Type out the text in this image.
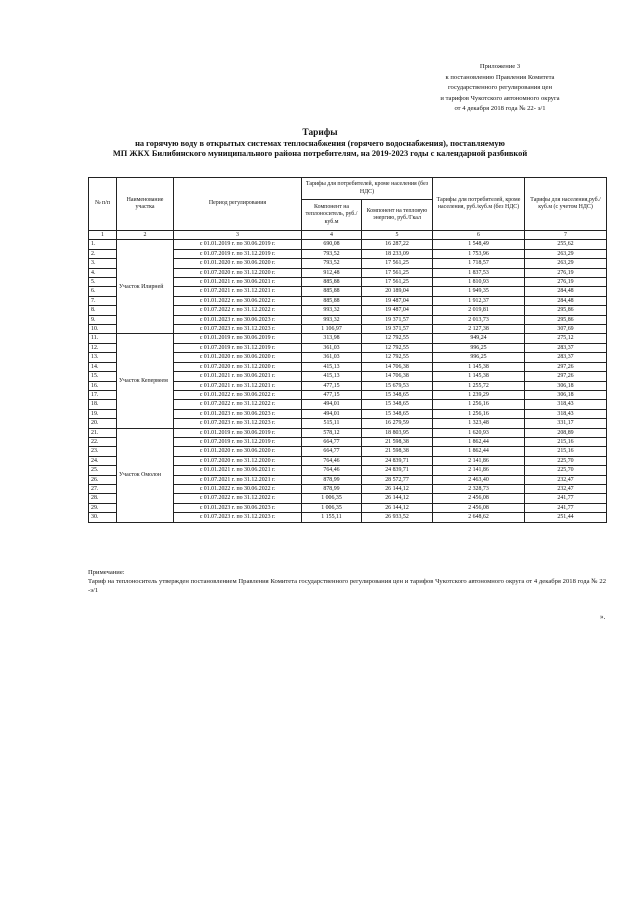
Приложение 3
к постановлению Правления Комитета
государственного регулирования цен
и тарифов Чукотского автономного округа
от 4 декабря 2018 года № 22- э/1
Тарифы
на горячую воду в открытых системах теплоснабжения (горячего водоснабжения), поставляемую
МП ЖКХ Билибинского муниципального района потребителям, на 2019-2023 годы с календарной разбивкой
№ п/п	Наименование участка	Период регулирования	Тарифы для потребителей, кроме населения (без НДС)		Тарифы для потребителей, кроме населения, руб./куб.м (без НДС)	Тарифы для населения,руб./куб.м (с учетом НДС)
			Компонент на теплоноситель, руб./куб.м	Компонент на тепловую энергию, руб./Гкал		
1	2	3	4	5	6	7
1.	Участок Илирней	с 01.01.2019 г. по 30.06.2019 г.	690,08	16 287,22	1 548,49	255,62
2.		с 01.07.2019 г. по 31.12.2019 г.	793,52	18 233,09	1 753,96	263,29
3.		с 01.01.2020 г. по 30.06.2020 г.	793,52	17 561,25	1 718,57	263,29
4.		с 01.07.2020 г. по 31.12.2020 г.	912,48	17 561,25	1 837,53	276,19
5.		с 01.01.2021 г. по 30.06.2021 г.	885,88	17 561,25	1 810,93	276,19
6.		с 01.07.2021 г. по 31.12.2021 г.	885,88	20 189,04	1 949,35	284,48
7.		с 01.01.2022 г. по 30.06.2022 г.	885,88	19 487,04	1 912,37	284,48
8.		с 01.07.2022 г. по 31.12.2022 г.	993,32	19 487,04	2 019,81	295,86
9.		с 01.01.2023 г. по 30.06.2023 г.	993,32	19 371,57	2 013,73	295,86
10.		с 01.07.2023 г. по 31.12.2023 г.	1 106,97	19 371,57	2 127,38	307,69
11.	Участок Кепервеем	с 01.01.2019 г. по 30.06.2019 г.	313,98	12 792,55	949,24	275,12
12.		с 01.07.2019 г. по 31.12.2019 г.	361,03	12 792,55	996,25	283,37
13.		с 01.01.2020 г. по 30.06.2020 г.	361,03	12 792,55	996,25	283,37
14.		с 01.07.2020 г. по 31.12.2020 г.	415,13	14 706,38	1 145,38	297,26
15.		с 01.01.2021 г. по 30.06.2021 г.	415,13	14 706,38	1 145,38	297,26
16.		с 01.07.2021 г. по 31.12.2021 г.	477,15	15 679,53	1 255,72	306,18
17.		с 01.01.2022 г. по 30.06.2022 г.	477,15	15 348,65	1 239,29	306,18
18.		с 01.07.2022 г. по 31.12.2022 г.	494,01	15 348,65	1 256,16	318,43
19.		с 01.01.2023 г. по 30.06.2023 г.	494,01	15 348,65	1 256,16	318,43
20.		с 01.07.2023 г. по 31.12.2023 г.	515,11	16 279,59	1 323,48	331,17
21.	Участок Омолон	с 01.01.2019 г. по 30.06.2019 г.	578,12	18 803,95	1 620,93	208,89
22.		с 01.07.2019 г. по 31.12.2019 г.	664,77	21 598,38	1 862,44	215,16
23.		с 01.01.2020 г. по 30.06.2020 г.	664,77	21 598,38	1 862,44	215,16
24.		с 01.07.2020 г. по 31.12.2020 г.	764,46	24 839,71	2 141,86	225,70
25.		с 01.01.2021 г. по 30.06.2021 г.	764,46	24 839,71	2 141,86	225,70
26.		с 01.07.2021 г. по 31.12.2021 г.	878,99	28 572,77	2 463,40	232,47
27.		с 01.01.2022 г. по 30.06.2022 г.	878,99	26 144,12	2 328,73	232,47
28.		с 01.07.2022 г. по 31.12.2022 г.	1 006,35	26 144,12	2 456,08	241,77
29.		с 01.01.2023 г. по 30.06.2023 г.	1 006,35	26 144,12	2 456,08	241,77
30.		с 01.07.2023 г. по 31.12.2023 г.	1 155,11	26 933,52	2 648,62	251,44
Примечание:
Тариф на теплоноситель утвержден постановлением Правления Комитета государственного регулирования цен и тарифов Чукотского автономного округа от 4 декабря 2018 года № 22 -э/1
».
